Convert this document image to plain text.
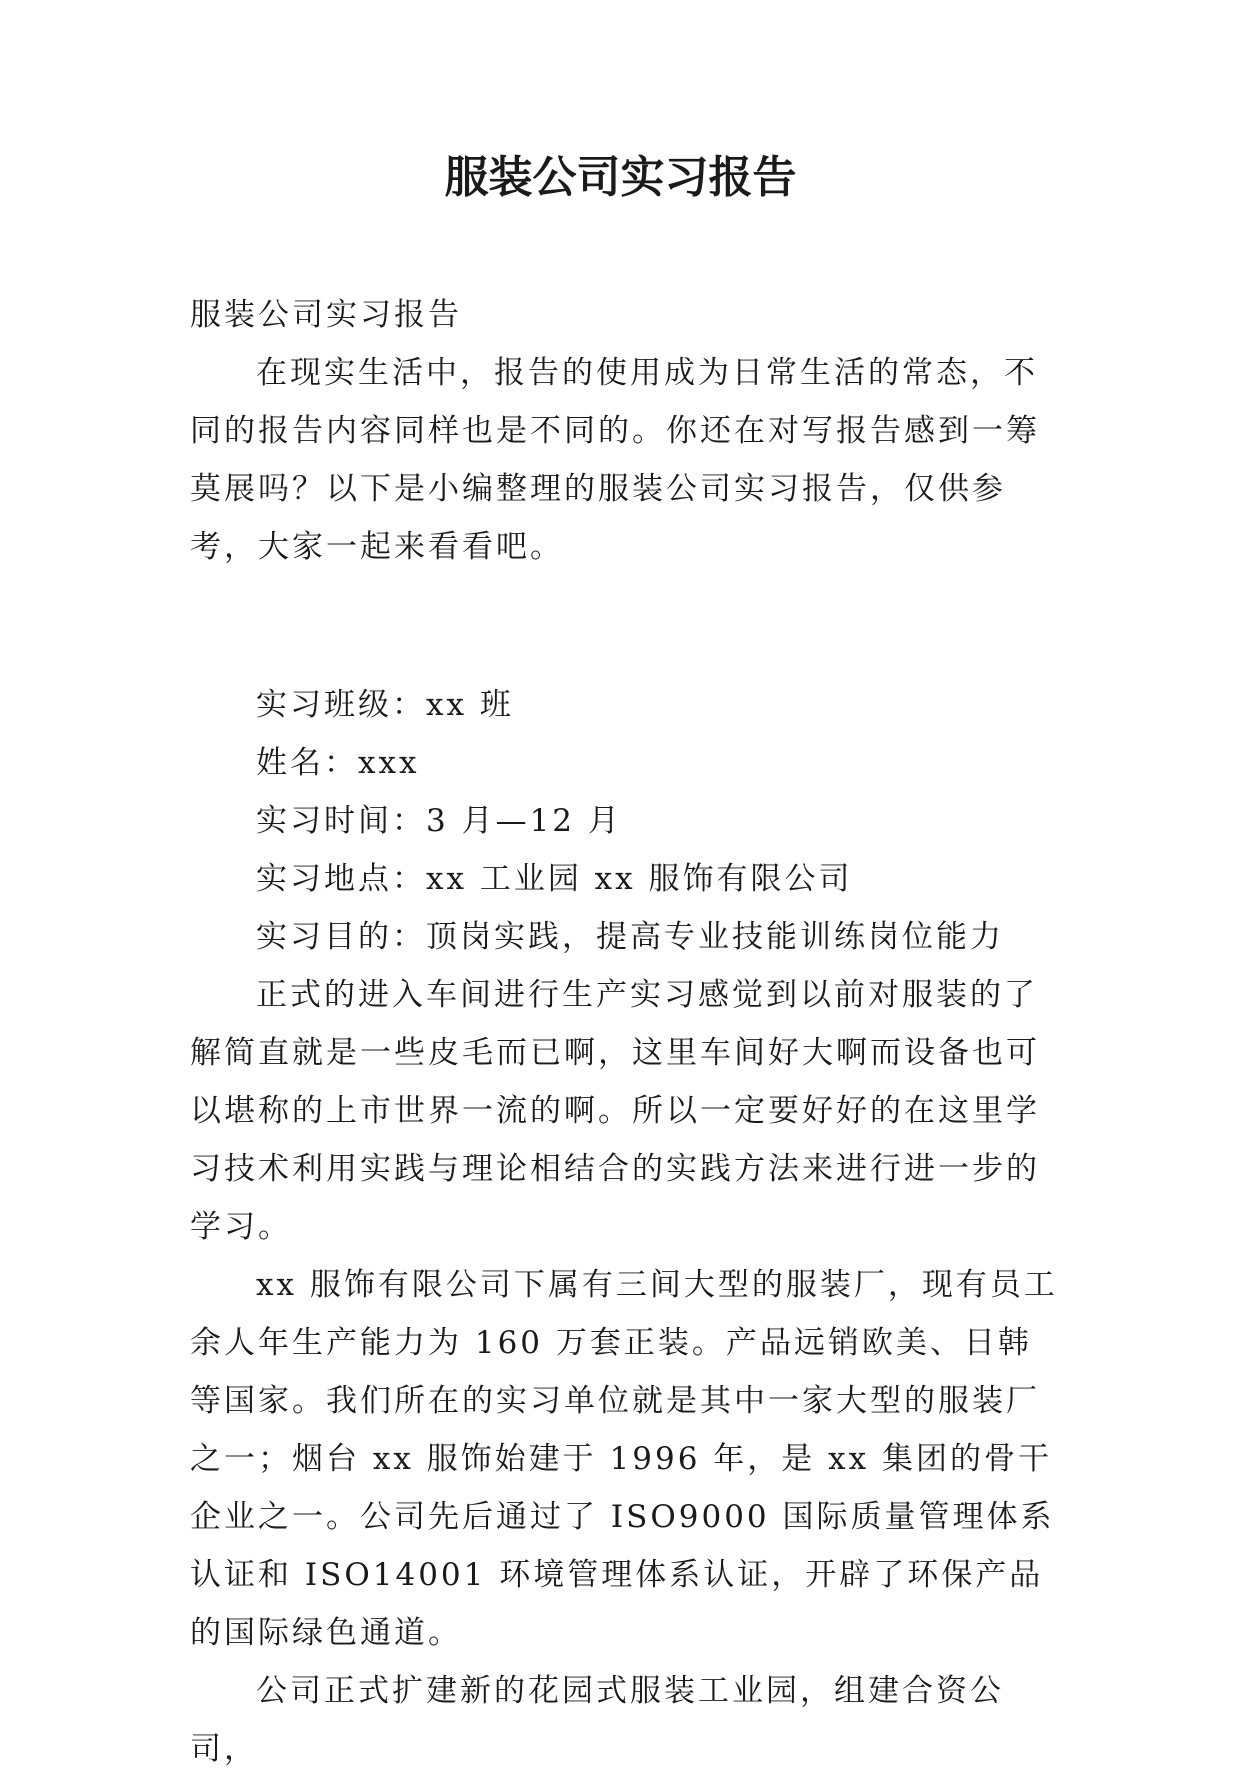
服装公司实习报告

服装公司实习报告

在现实生活中，报告的使用成为日常生活的常态，不同的报告内容同样也是不同的。你还在对写报告感到一筹莫展吗？以下是小编整理的服装公司实习报告，仅供参考，大家一起来看看吧。

实习班级：xx 班

姓名：xxx

实习时间：3 月—12 月

实习地点：xx 工业园 xx 服饰有限公司

实习目的：顶岗实践，提高专业技能训练岗位能力

正式的进入车间进行生产实习感觉到以前对服装的了解简直就是一些皮毛而已啊，这里车间好大啊而设备也可以堪称的上市世界一流的啊。所以一定要好好的在这里学习技术利用实践与理论相结合的实践方法来进行进一步的学习。

xx 服饰有限公司下属有三间大型的服装厂，现有员工余人年生产能力为 160 万套正装。产品远销欧美、日韩等国家。我们所在的实习单位就是其中一家大型的服装厂之一；烟台 xx 服饰始建于 1996 年，是 xx 集团的骨干企业之一。公司先后通过了 ISO9000 国际质量管理体系认证和 ISO14001 环境管理体系认证，开辟了环保产品的国际绿色通道。

公司正式扩建新的花园式服装工业园，组建合资公司，
